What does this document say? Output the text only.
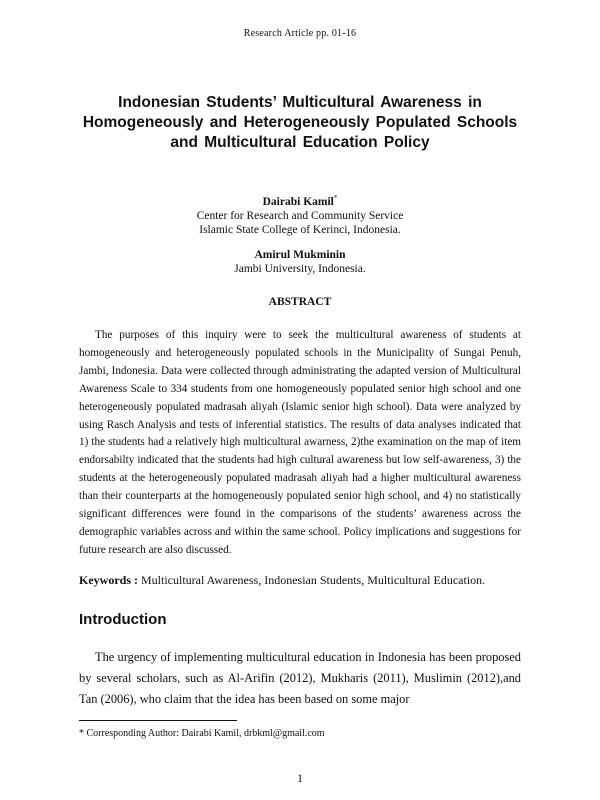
Research Article pp. 01-16
Indonesian Students’ Multicultural Awareness in
Homogeneously and Heterogeneously Populated Schools
and Multicultural Education Policy
Dairabi Kamil*
Center for Research and Community Service
Islamic State College of Kerinci, Indonesia.
Amirul Mukminin
Jambi University, Indonesia.
ABSTRACT

The purposes of this inquiry were to seek the multicultural awareness of students at homogeneously and heterogeneously populated schools in the Municipality of Sungai Penuh, Jambi, Indonesia. Data were collected through administrating the adapted version of Multicultural Awareness Scale to 334 students from one homogeneously populated senior high school and one heterogeneously populated madrasah aliyah (Islamic senior high school). Data were analyzed by using Rasch Analysis and tests of inferential statistics. The results of data analyses indicated that 1) the students had a relatively high multicultural awarness, 2)the examination on the map of item endorsabilty indicated that the students had high cultural awareness but low self-awareness, 3) the students at the heterogeneously populated madrasah aliyah had a higher multicultural awareness than their counterparts at the homogeneously populated senior high school, and 4) no statistically significant differences were found in the comparisons of the students’ awareness across the demographic variables across and within the same school. Policy implications and suggestions for future research are also discussed.

Keywords : Multicultural Awareness, Indonesian Students, Multicultural Education.
Introduction

The urgency of implementing multicultural education in Indonesia has been proposed by several scholars, such as Al-Arifin (2012), Mukharis (2011), Muslimin (2012),and Tan (2006), who claim that the idea has been based on some major

* Corresponding Author: Dairabi Kamil, drbkml@gmail.com
1
